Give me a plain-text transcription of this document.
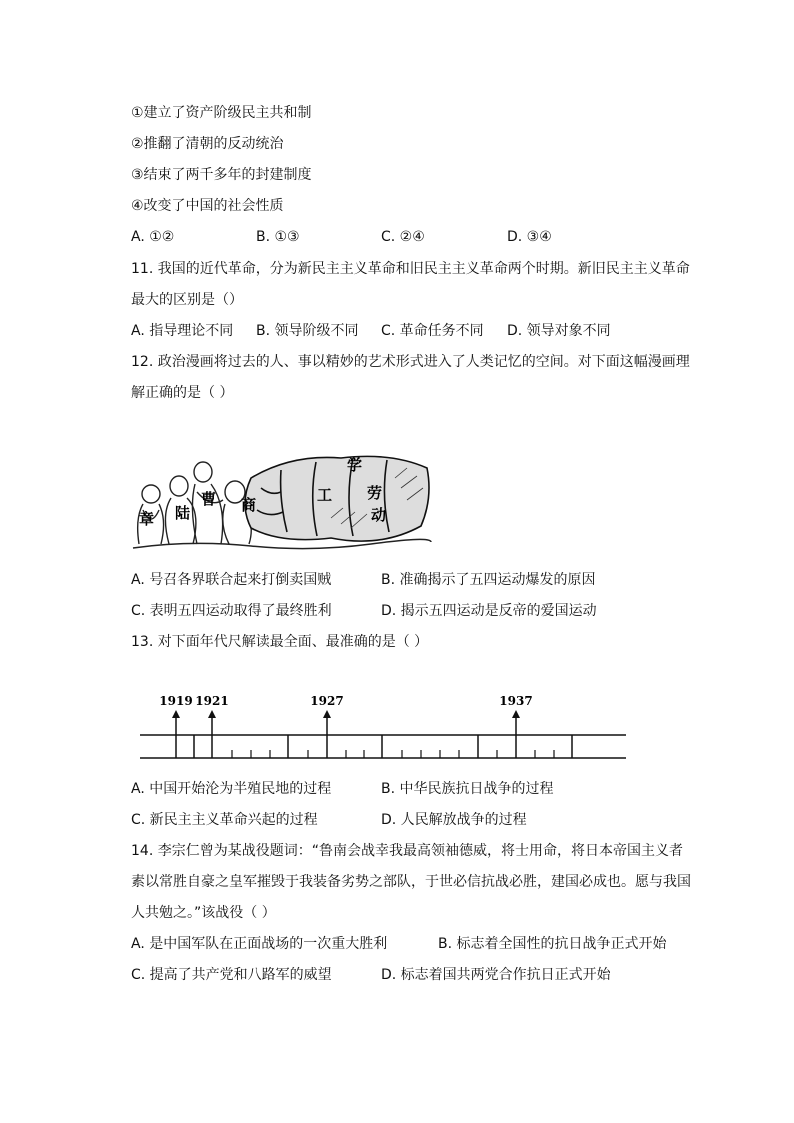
①建立了资产阶级民主共和制
②推翻了清朝的反动统治
③结束了两千多年的封建制度
④改变了中国的社会性质
A. ①②	B. ①③	C. ②④	D. ③④
11. 我国的近代革命，分为新民主主义革命和旧民主主义革命两个时期。新旧民主主义革命
最大的区别是（）
A. 指导理论不同 B. 领导阶级不同 C. 革命任务不同 D. 领导对象不同
12. 政治漫画将过去的人、事以精妙的艺术形式进入了人类记忆的空间。对下面这幅漫画理
解正确的是（ ）
章 陆
曹 商
工
学
劳
动
A. 号召各界联合起来打倒卖国贼	B. 准确揭示了五四运动爆发的原因
C. 表明五四运动取得了最终胜利	D. 揭示五四运动是反帝的爱国运动
13. 对下面年代尺解读最全面、最准确的是（ ）
1919 1921	1927	1937
A. 中国开始沦为半殖民地的过程	B. 中华民族抗日战争的过程
C. 新民主主义革命兴起的过程	D. 人民解放战争的过程
14. 李宗仁曾为某战役题词：“鲁南会战幸我最高领袖德威，将士用命，将日本帝国主义者
素以常胜自豪之皇军摧毁于我装备劣势之部队，于世必信抗战必胜，建国必成也。愿与我国
人共勉之。”该战役（ ）
A. 是中国军队在正面战场的一次重大胜利	B. 标志着全国性的抗日战争正式开始
C. 提高了共产党和八路军的威望	D. 标志着国共两党合作抗日正式开始
